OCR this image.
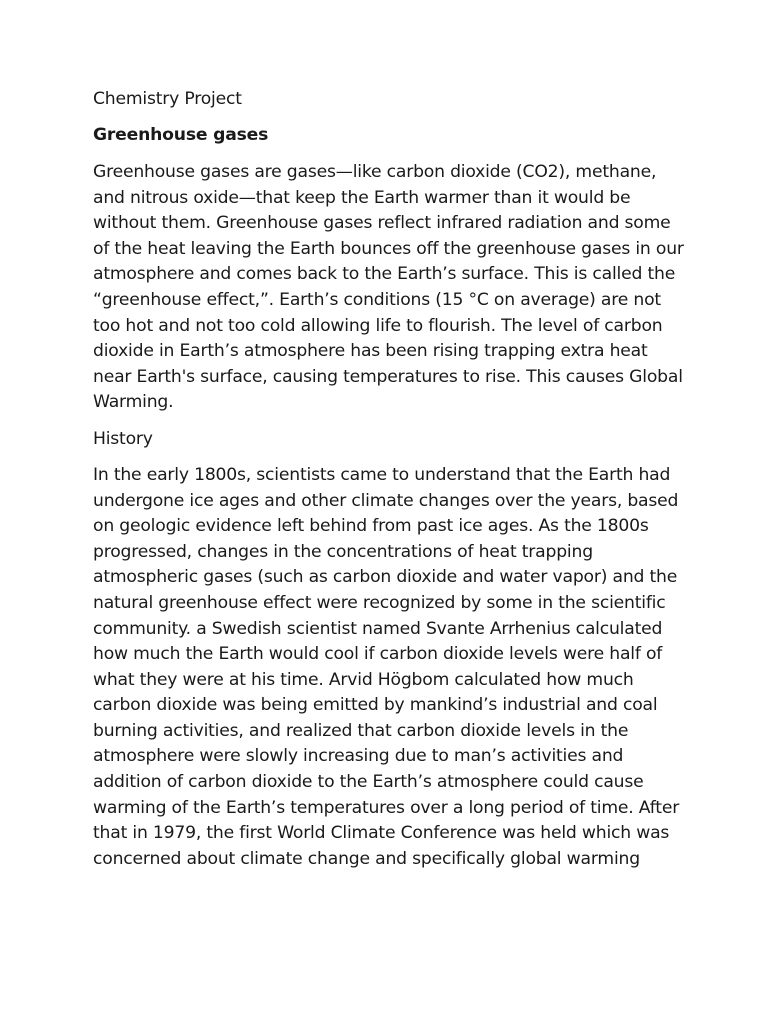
Chemistry Project
Greenhouse gases
Greenhouse gases are gases—like carbon dioxide (CO2), methane,
and nitrous oxide—that keep the Earth warmer than it would be
without them. Greenhouse gases reflect infrared radiation and some
of the heat leaving the Earth bounces off the greenhouse gases in our
atmosphere and comes back to the Earth’s surface. This is called the
“greenhouse effect,”. Earth’s conditions (15 °C on average) are not
too hot and not too cold allowing life to flourish. The level of carbon
dioxide in Earth’s atmosphere has been rising trapping extra heat
near Earth's surface, causing temperatures to rise. This causes Global
Warming.
History
In the early 1800s, scientists came to understand that the Earth had
undergone ice ages and other climate changes over the years, based
on geologic evidence left behind from past ice ages. As the 1800s
progressed, changes in the concentrations of heat trapping
atmospheric gases (such as carbon dioxide and water vapor) and the
natural greenhouse effect were recognized by some in the scientific
community. a Swedish scientist named Svante Arrhenius calculated
how much the Earth would cool if carbon dioxide levels were half of
what they were at his time. Arvid Högbom calculated how much
carbon dioxide was being emitted by mankind’s industrial and coal
burning activities, and realized that carbon dioxide levels in the
atmosphere were slowly increasing due to man’s activities and
addition of carbon dioxide to the Earth’s atmosphere could cause
warming of the Earth’s temperatures over a long period of time. After
that in 1979, the first World Climate Conference was held which was
concerned about climate change and specifically global warming
